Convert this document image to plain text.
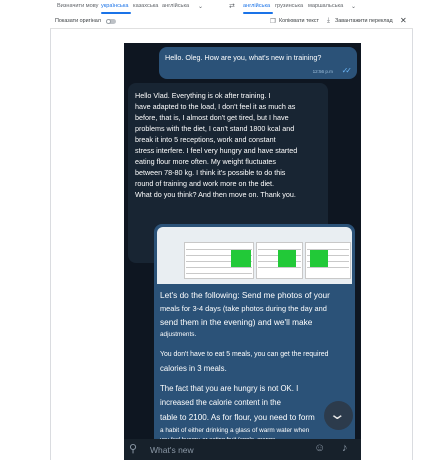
Визначити мову українська казахська англійська ⌄	⇄ англійська грузинська маршальська ⌄
Показати оригінал	❐ Копіювати текст ⤓ Завантажити переклад ✕
Hello. Oleg. How are you, what's new in training?
12:56 p.m ✓✓
Hello Vlad. Everything is ok after training. I
have adapted to the load, I don't feel it as much as
before, that is, I almost don't get tired, but I have
problems with the diet, I can't stand 1800 kcal and
break it into 5 receptions, work and constant
stress interfere. I feel very hungry and have started
eating flour more often. My weight fluctuates
between 78-80 kg. I think it's possible to do this
round of training and work more on the diet.
What do you think? And then move on. Thank you.
Let's do the following: Send me photos of your
meals for 3-4 days (take photos during the day and
send them in the evening) and we'll make
adjustments.
You don't have to eat 5 meals, you can get the required
calories in 3 meals.
The fact that you are hungry is not OK. I
increased the calorie content in the
table to 2100. As for flour, you need to form
a habit of either drinking a glass of warm water when
⌄
⚲ What's new	☺ ♪
